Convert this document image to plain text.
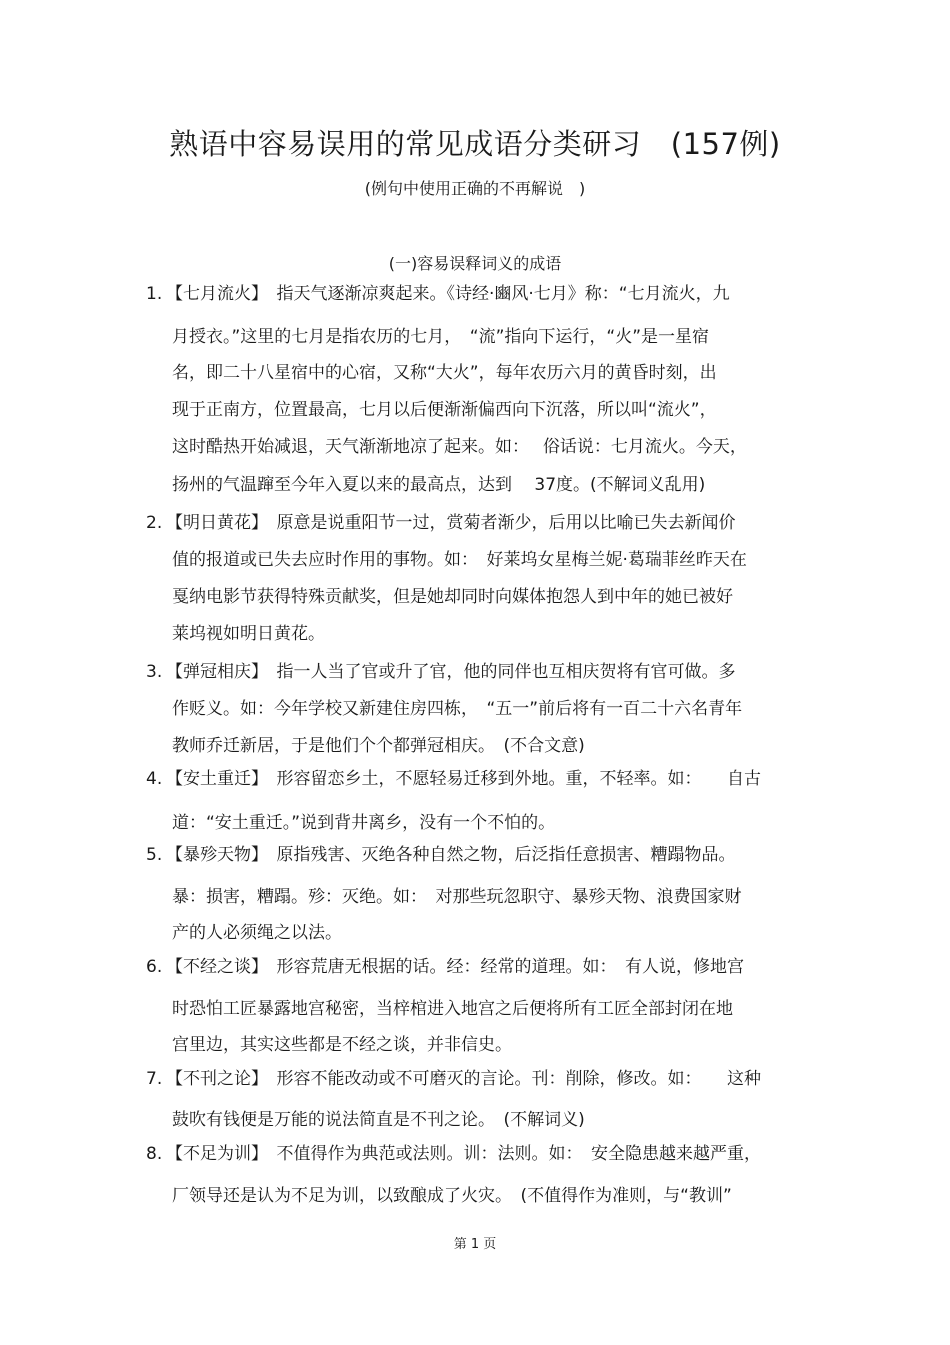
熟语中容易误用的常见成语分类研习　(157例)
(例句中使用正确的不再解说　)
(一)容易误释词义的成语
1. 【七月流火】　指天气逐渐凉爽起来。《诗经·豳风·七月》称：“七月流火，九
月授衣。”这里的七月是指农历的七月，　“流”指向下运行，“火”是一星宿
名，即二十八星宿中的心宿，又称“大火”，每年农历六月的黄昏时刻，出
现于正南方，位置最高，七月以后便渐渐偏西向下沉落，所以叫“流火”，
这时酷热开始减退，天气渐渐地凉了起来。如：　 俗话说：七月流火。今天，
扬州的气温蹿至今年入夏以来的最高点，达到　 37度。(不解词义乱用)
2. 【明日黄花】　原意是说重阳节一过，赏菊者渐少，后用以比喻已失去新闻价
值的报道或已失去应时作用的事物。如：　好莱坞女星梅兰妮·葛瑞菲丝昨天在
戛纳电影节获得特殊贡献奖，但是她却同时向媒体抱怨人到中年的她已被好
莱坞视如明日黄花。
3. 【弹冠相庆】　指一人当了官或升了官，他的同伴也互相庆贺将有官可做。多
作贬义。如：今年学校又新建住房四栋，　“五一”前后将有一百二十六名青年
教师乔迁新居，于是他们个个都弹冠相庆。　(不合文意)
4. 【安土重迁】　形容留恋乡土，不愿轻易迁移到外地。重，不轻率。如：　　自古
道：“安土重迁。”说到背井离乡，没有一个不怕的。
5. 【暴殄天物】　原指残害、灭绝各种自然之物，后泛指任意损害、糟蹋物品。
暴：损害，糟蹋。殄：灭绝。如：　对那些玩忽职守、暴殄天物、浪费国家财
产的人必须绳之以法。
6. 【不经之谈】　形容荒唐无根据的话。经：经常的道理。如：　有人说，修地宫
时恐怕工匠暴露地宫秘密，当梓棺进入地宫之后便将所有工匠全部封闭在地
宫里边，其实这些都是不经之谈，并非信史。
7. 【不刊之论】　形容不能改动或不可磨灭的言论。刊：削除，修改。如：　　这种
鼓吹有钱便是万能的说法简直是不刊之论。　(不解词义)
8. 【不足为训】　不值得作为典范或法则。训：法则。如：　安全隐患越来越严重，
厂领导还是认为不足为训，以致酿成了火灾。　(不值得作为准则，与“教训”
第 1 页
